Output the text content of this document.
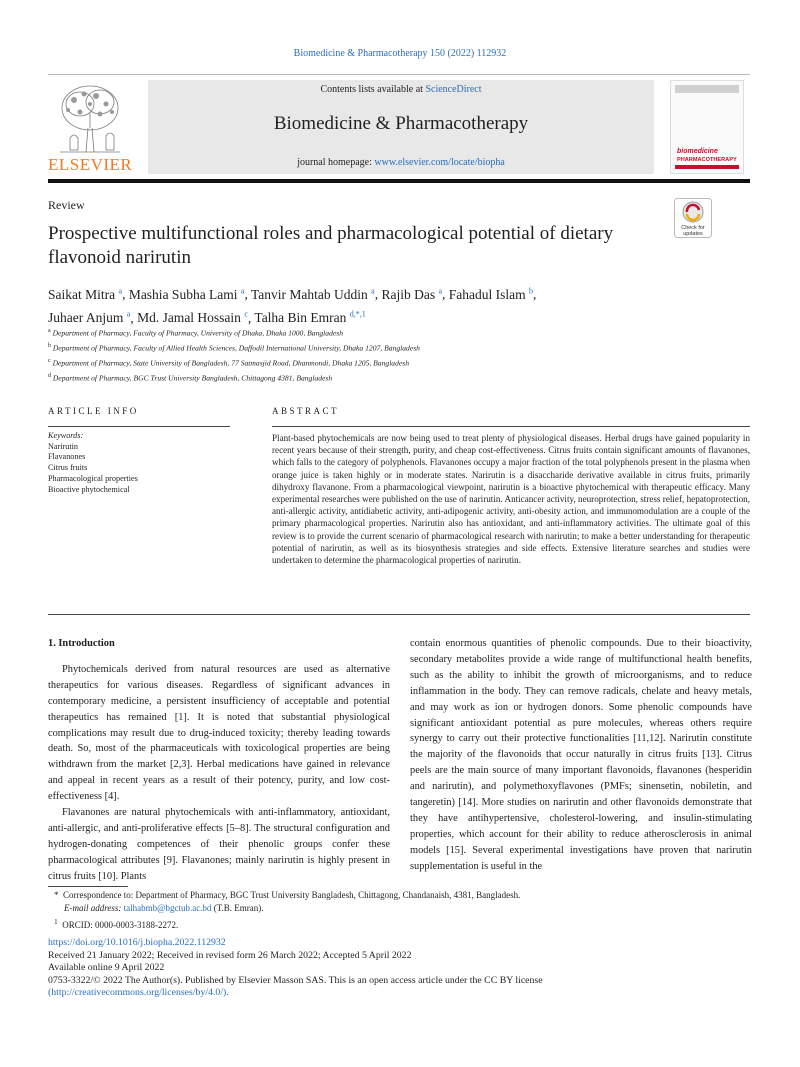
Biomedicine & Pharmacotherapy 150 (2022) 112932
ELSEVIER
Contents lists available at ScienceDirect
Biomedicine & Pharmacotherapy
journal homepage: www.elsevier.com/locate/biopha
biomedicine
PHARMACOTHERAPY
Review
Prospective multifunctional roles and pharmacological potential of dietary flavonoid narirutin
Check for
updates
Saikat Mitra $^a$, Mashia Subha Lami $^a$, Tanvir Mahtab Uddin $^a$, Rajib Das $^a$, Fahadul Islam $^b$,
Juhaer Anjum $^a$, Md. Jamal Hossain $^c$, Talha Bin Emran $^{d,*,1}$
$^a$ Department of Pharmacy, Faculty of Pharmacy, University of Dhaka, Dhaka 1000, Bangladesh
$^b$ Department of Pharmacy, Faculty of Allied Health Sciences, Daffodil International University, Dhaka 1207, Bangladesh
$^c$ Department of Pharmacy, State University of Bangladesh, 77 Satmasjid Road, Dhanmondi, Dhaka 1205, Bangladesh
$^d$ Department of Pharmacy, BGC Trust University Bangladesh, Chittagong 4381, Bangladesh
ARTICLE INFO	ABSTRACT
Keywords:
Narirutin
Flavanones
Citrus fruits
Pharmacological properties
Bioactive phytochemical
Plant-based phytochemicals are now being used to treat plenty of physiological diseases. Herbal drugs have gained popularity in recent years because of their strength, purity, and cheap cost-effectiveness. Citrus fruits contain significant amounts of flavanones, which falls to the category of polyphenols. Flavanones occupy a major fraction of the total polyphenols present in the plasma when orange juice is taken highly or in moderate states. Narirutin is a disaccharide derivative available in citrus fruits, primarily dihydroxy flavanone. From a pharmacological viewpoint, narirutin is a bioactive phytochemical with therapeutic efficacy. Many experimental researches were published on the use of narirutin. Anticancer activity, neuroprotection, stress relief, hepatoprotection, anti-allergic activity, antidiabetic activity, anti-adipogenic activity, anti-obesity action, and immunomodulation are a couple of the primary pharmacological properties. Narirutin also has antioxidant, and anti-inflammatory activities. The ultimate goal of this review is to provide the current scenario of pharmacological research with narirutin; to make a better understanding for therapeutic potential of narirutin, as well as its biosynthesis strategies and side effects. Extensive literature searches and studies were undertaken to determine the pharmacological properties of narirutin.
1. Introduction

Phytochemicals derived from natural resources are used as alternative therapeutics for various diseases. Regardless of significant advances in contemporary medicine, a persistent insufficiency of acceptable and potential therapeutics has remained [1]. It is noted that substantial physiological complications may result due to drug-induced toxicity; thereby leading towards death. So, most of the pharmaceuticals with toxicological properties are being withdrawn from the market [2,3]. Herbal medications have gained in relevance and appeal in recent years as a result of their potency, purity, and low cost-effectiveness [4].

Flavanones are natural phytochemicals with anti-inflammatory, antioxidant, anti-allergic, and anti-proliferative effects [5–8]. The structural configuration and hydrogen-donating competences of their phenolic groups confer these pharmacological attributes [9]. Flavanones; mainly narirutin is highly present in citrus fruits [10]. Plants

contain enormous quantities of phenolic compounds. Due to their bioactivity, secondary metabolites provide a wide range of multifunctional health benefits, such as the ability to inhibit the growth of microorganisms, and to reduce inflammation in the body. They can remove radicals, chelate and heavy metals, and may work as ion or hydrogen donors. Some phenolic compounds have significant antioxidant potential as pure molecules, whereas others require synergy to carry out their protective functionalities [11,12]. Narirutin constitute the majority of the flavonoids that occur naturally in citrus fruits [13]. Citrus peels are the main source of many important flavonoids, flavanones (hesperidin and narirutin), and polymethoxyflavones (PMFs; sinensetin, nobiletin, and tangeretin) [14]. More studies on narirutin and other flavonoids demonstrate that they have antihypertensive, cholesterol-lowering, and insulin-stimulating properties, which account for their ability to reduce atherosclerosis in animal models [15]. Several experimental investigations have proven that narirutin supplementation is useful in the

* Correspondence to: Department of Pharmacy, BGC Trust University Bangladesh, Chittagong, Chandanaish, 4381, Bangladesh.
E-mail address: talhabmb@bgctub.ac.bd (T.B. Emran).
$^1$ ORCID: 0000-0003-3188-2272.
https://doi.org/10.1016/j.biopha.2022.112932
Received 21 January 2022; Received in revised form 26 March 2022; Accepted 5 April 2022
Available online 9 April 2022
0753-3322/© 2022 The Author(s). Published by Elsevier Masson SAS. This is an open access article under the CC BY license
(http://creativecommons.org/licenses/by/4.0/).
